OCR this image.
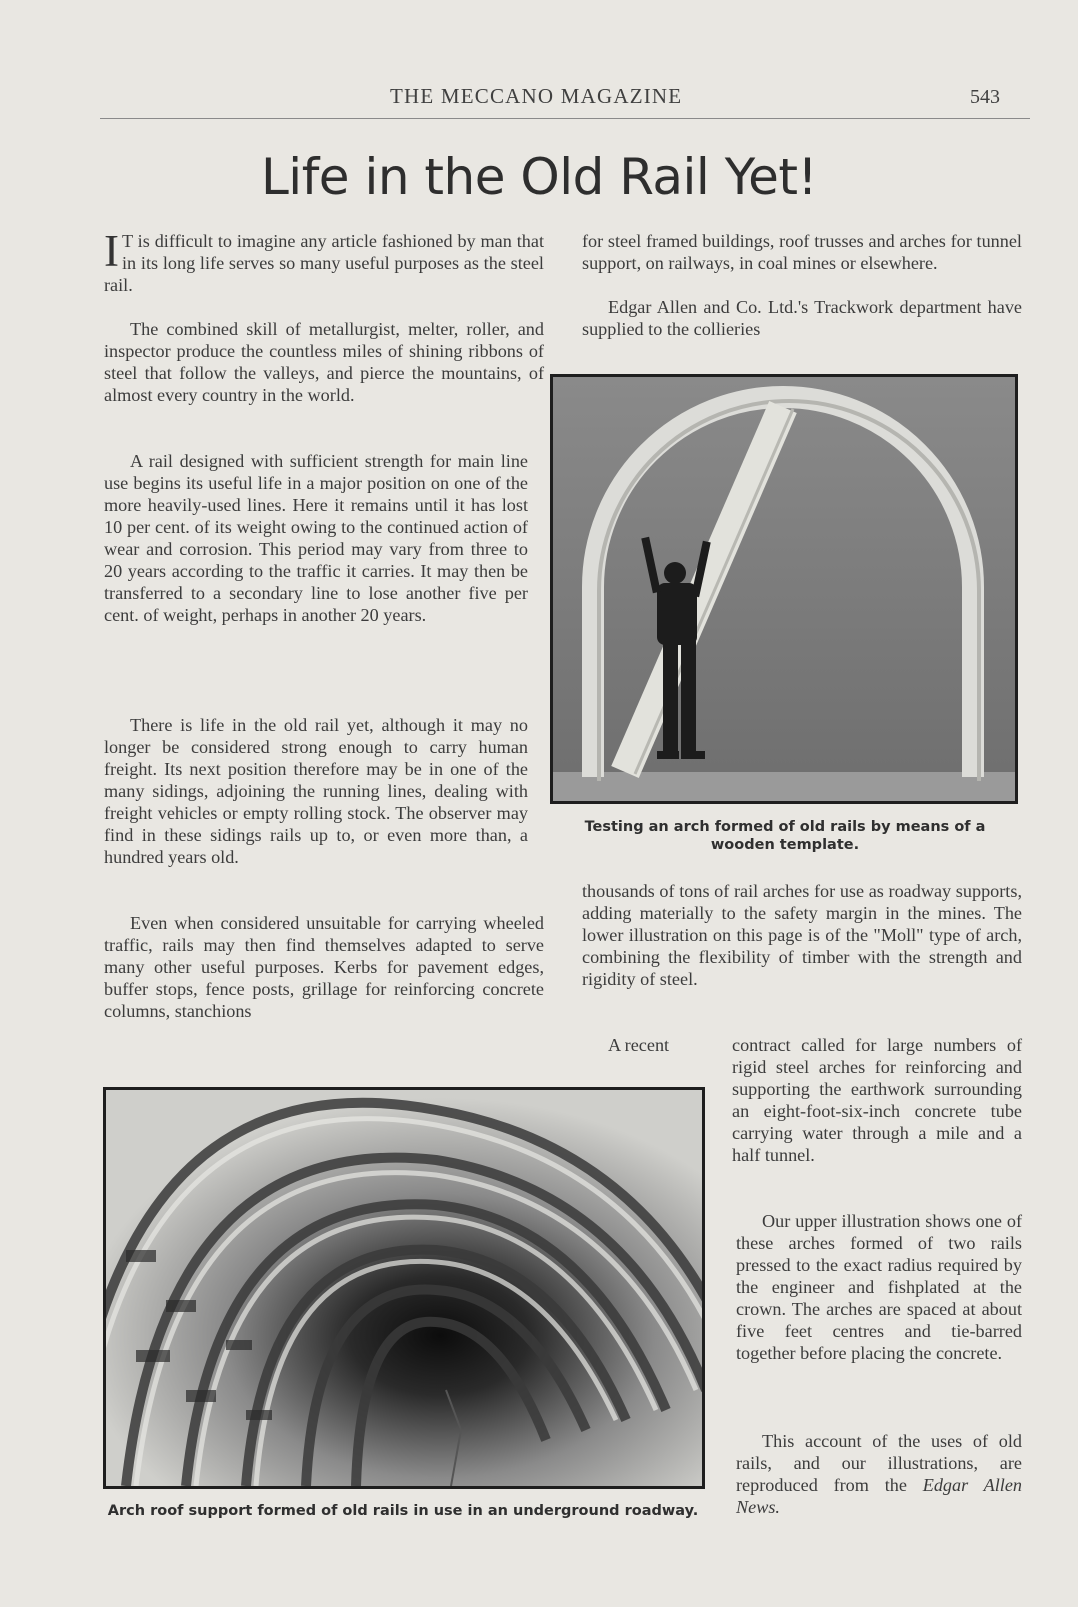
THE MECCANO MAGAZINE	543
Life in the Old Rail Yet!
I T is difficult to imagine any article fashioned by man that in its long life serves so many useful purposes as the steel rail.
The combined skill of metallurgist, melter, roller, and inspector produce the countless miles of shining ribbons of steel that follow the valleys, and pierce the mountains, of almost every country in the world.
A rail designed with sufficient strength for main line use begins its useful life in a major position on one of the more heavily-used lines. Here it remains until it has lost 10 per cent. of its weight owing to the continued action of wear and corrosion. This period may vary from three to 20 years according to the traffic it carries. It may then be transferred to a secondary line to lose another five per cent. of weight, perhaps in another 20 years.
There is life in the old rail yet, although it may no longer be considered strong enough to carry human freight. Its next position therefore may be in one of the many sidings, adjoining the running lines, dealing with freight vehicles or empty rolling stock. The observer may find in these sidings rails up to, or even more than, a hundred years old.
Even when considered unsuitable for carrying wheeled traffic, rails may then find themselves adapted to serve many other useful purposes. Kerbs for pavement edges, buffer stops, fence posts, grillage for reinforcing concrete columns, stanchions
for steel framed buildings, roof trusses and arches for tunnel support, on railways, in coal mines or elsewhere.
Edgar Allen and Co. Ltd.'s Trackwork department have supplied to the collieries
Testing an arch formed of old rails by means of a wooden template.
thousands of tons of rail arches for use as roadway supports, adding materially to the safety margin in the mines. The lower illustration on this page is of the "Moll" type of arch, combining the flexibility of timber with the strength and rigidity of steel.
A recent	contract called for large numbers of rigid steel arches for reinforcing and supporting the earthwork surrounding an eight-foot-six-inch concrete tube carrying water through a mile and a half tunnel.
Our upper illustration shows one of these arches formed of two rails pressed to the exact radius required by the engineer and fishplated at the crown. The arches are spaced at about five feet centres and tie-barred together before placing the concrete.
This account of the uses of old rails, and our illustrations, are reproduced from the Edgar Allen News.
Arch roof support formed of old rails in use in an underground roadway.
